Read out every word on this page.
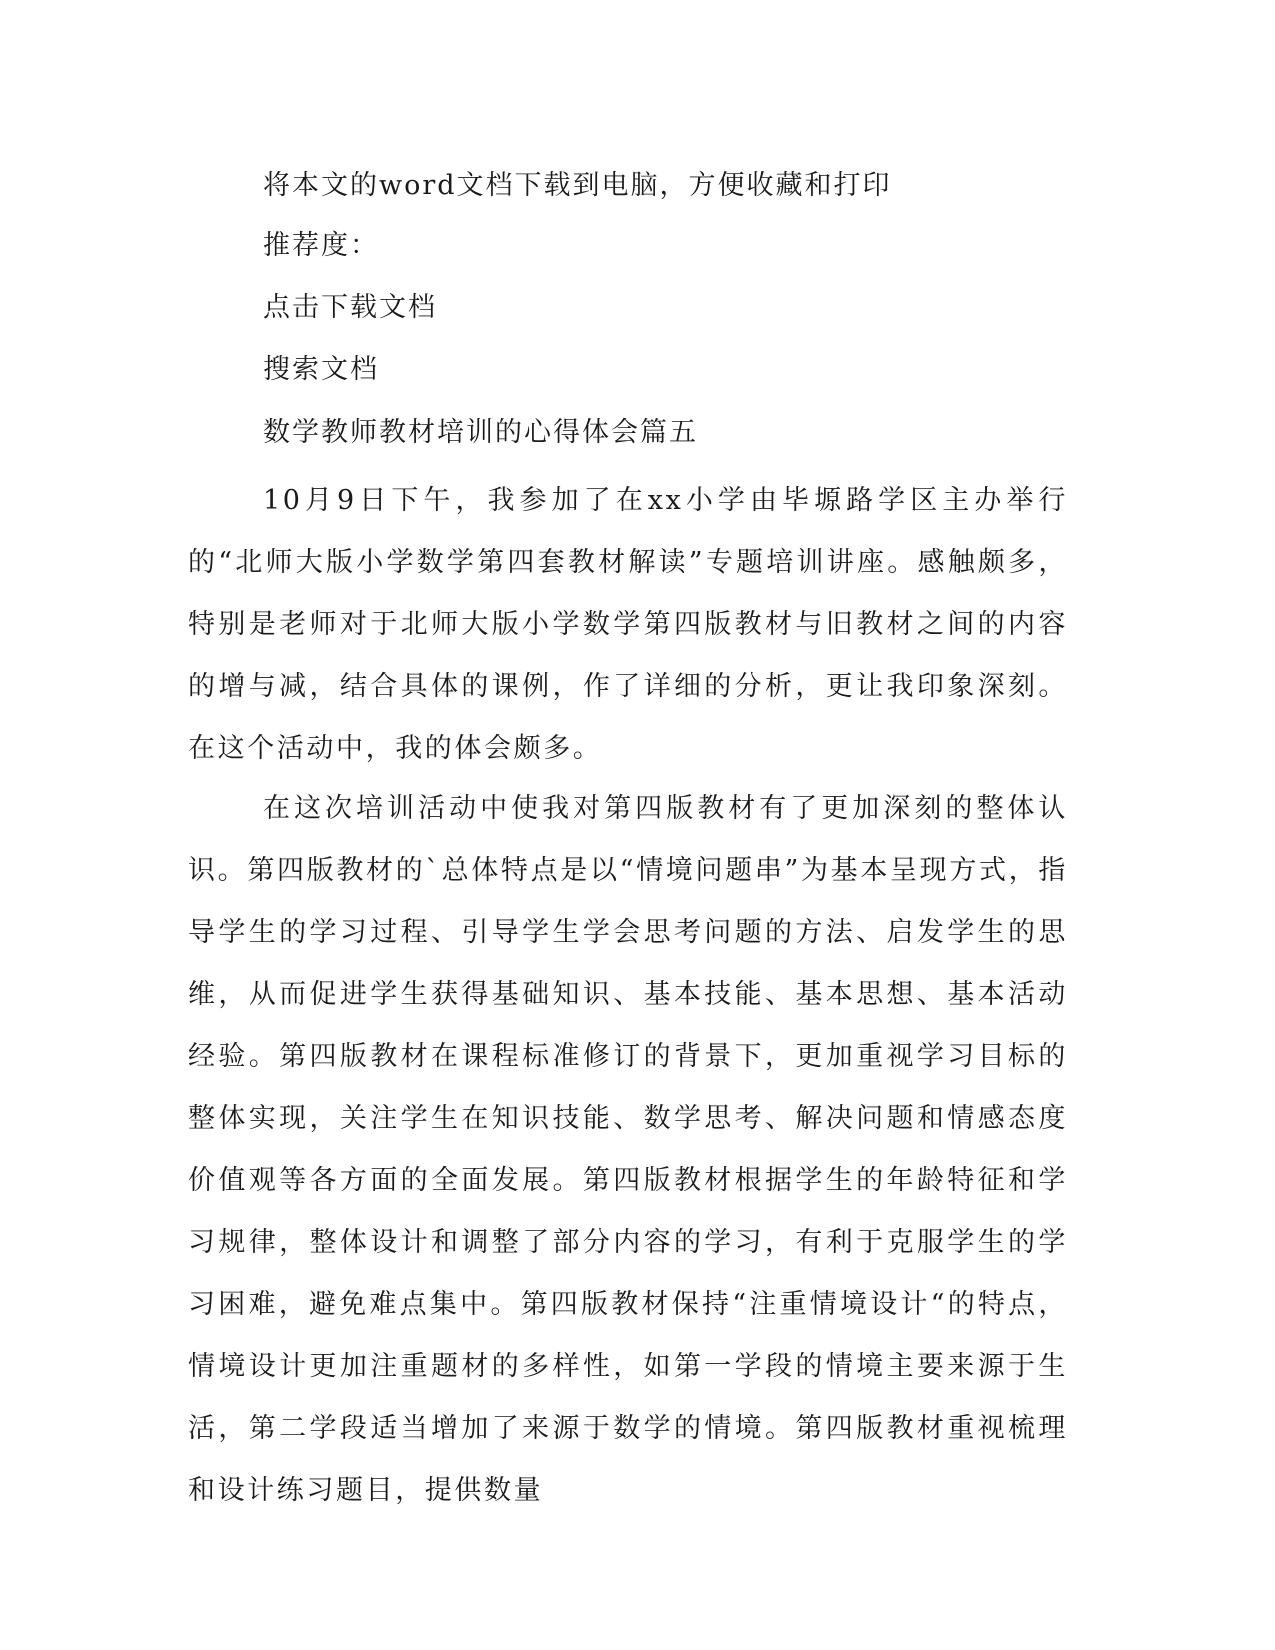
将本文的word文档下载到电脑，方便收藏和打印
推荐度：
点击下载文档
搜索文档
数学教师教材培训的心得体会篇五

10月9日下午，我参加了在xx小学由毕塬路学区主办举行的“北师大版小学数学第四套教材解读”专题培训讲座。感触颇多，特别是老师对于北师大版小学数学第四版教材与旧教材之间的内容的增与减，结合具体的课例，作了详细的分析，更让我印象深刻。在这个活动中，我的体会颇多。

在这次培训活动中使我对第四版教材有了更加深刻的整体认识。第四版教材的`总体特点是以“情境问题串”为基本呈现方式，指导学生的学习过程、引导学生学会思考问题的方法、启发学生的思维，从而促进学生获得基础知识、基本技能、基本思想、基本活动经验。第四版教材在课程标准修订的背景下，更加重视学习目标的整体实现，关注学生在知识技能、数学思考、解决问题和情感态度价值观等各方面的全面发展。第四版教材根据学生的年龄特征和学习规律，整体设计和调整了部分内容的学习，有利于克服学生的学习困难，避免难点集中。第四版教材保持“注重情境设计“的特点，情境设计更加注重题材的多样性，如第一学段的情境主要来源于生活，第二学段适当增加了来源于数学的情境。第四版教材重视梳理和设计练习题目，提供数量
